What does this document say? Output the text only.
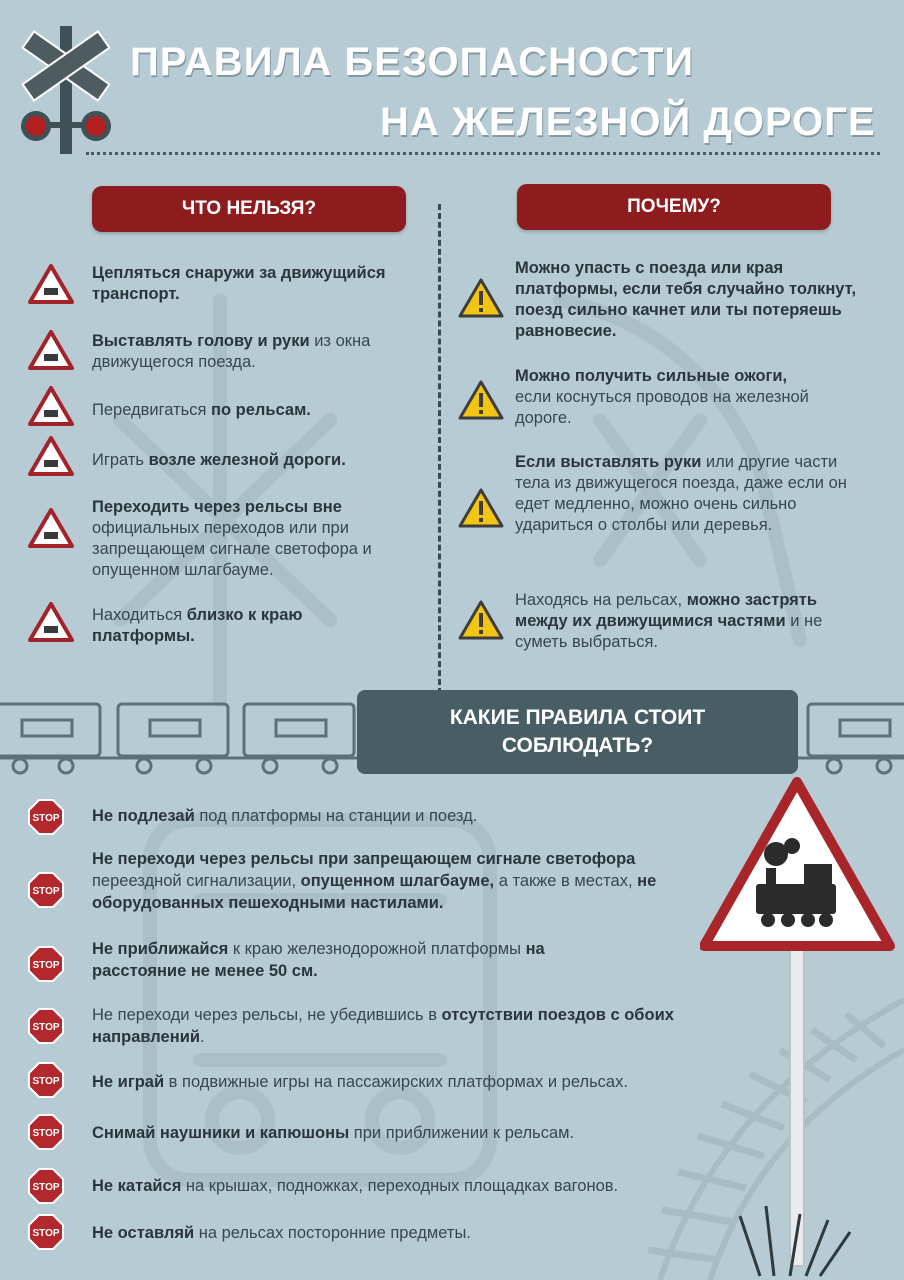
ПРАВИЛА БЕЗОПАСНОСТИ
НА ЖЕЛЕЗНОЙ ДОРОГЕ
ЧТО НЕЛЬЗЯ?	ПОЧЕМУ?
Цепляться снаружи за движущийся транспорт.
Выставлять голову и руки из окна движущегося поезда.
Передвигаться по рельсам.
Играть возле железной дороги.
Переходить через рельсы вне официальных переходов или при запрещающем сигнале светофора и опущенном шлагбауме.
Находиться близко к краю платформы.
Можно упасть с поезда или края платформы, если тебя случайно толкнут, поезд сильно качнет или ты потеряешь равновесие.
Можно получить сильные ожоги, если коснуться проводов на железной дороге.
Если выставлять руки или другие части тела из движущегося поезда, даже если он едет медленно, можно очень сильно удариться о столбы или деревья.
Находясь на рельсах, можно застрять между их движущимися частями и не суметь выбраться.
КАКИЕ ПРАВИЛА СТОИТ
СОБЛЮДАТЬ?
STOP Не подлезай под платформы на станции и поезд.
STOP
Не переходи через рельсы при запрещающем сигнале светофора переездной сигнализации, опущенном шлагбауме, а также в местах, не оборудованных пешеходными настилами.
STOP
Не приближайся к краю железнодорожной платформы на расстояние не менее 50 см.
STOP
Не переходи через рельсы, не убедившись в отсутствии поездов с обоих направлений.
STOP Не играй в подвижные игры на пассажирских платформах и рельсах.
STOP Снимай наушники и капюшоны при приближении к рельсам.
STOP Не катайся на крышах, подножках, переходных площадках вагонов.
STOP Не оставляй на рельсах посторонние предметы.
